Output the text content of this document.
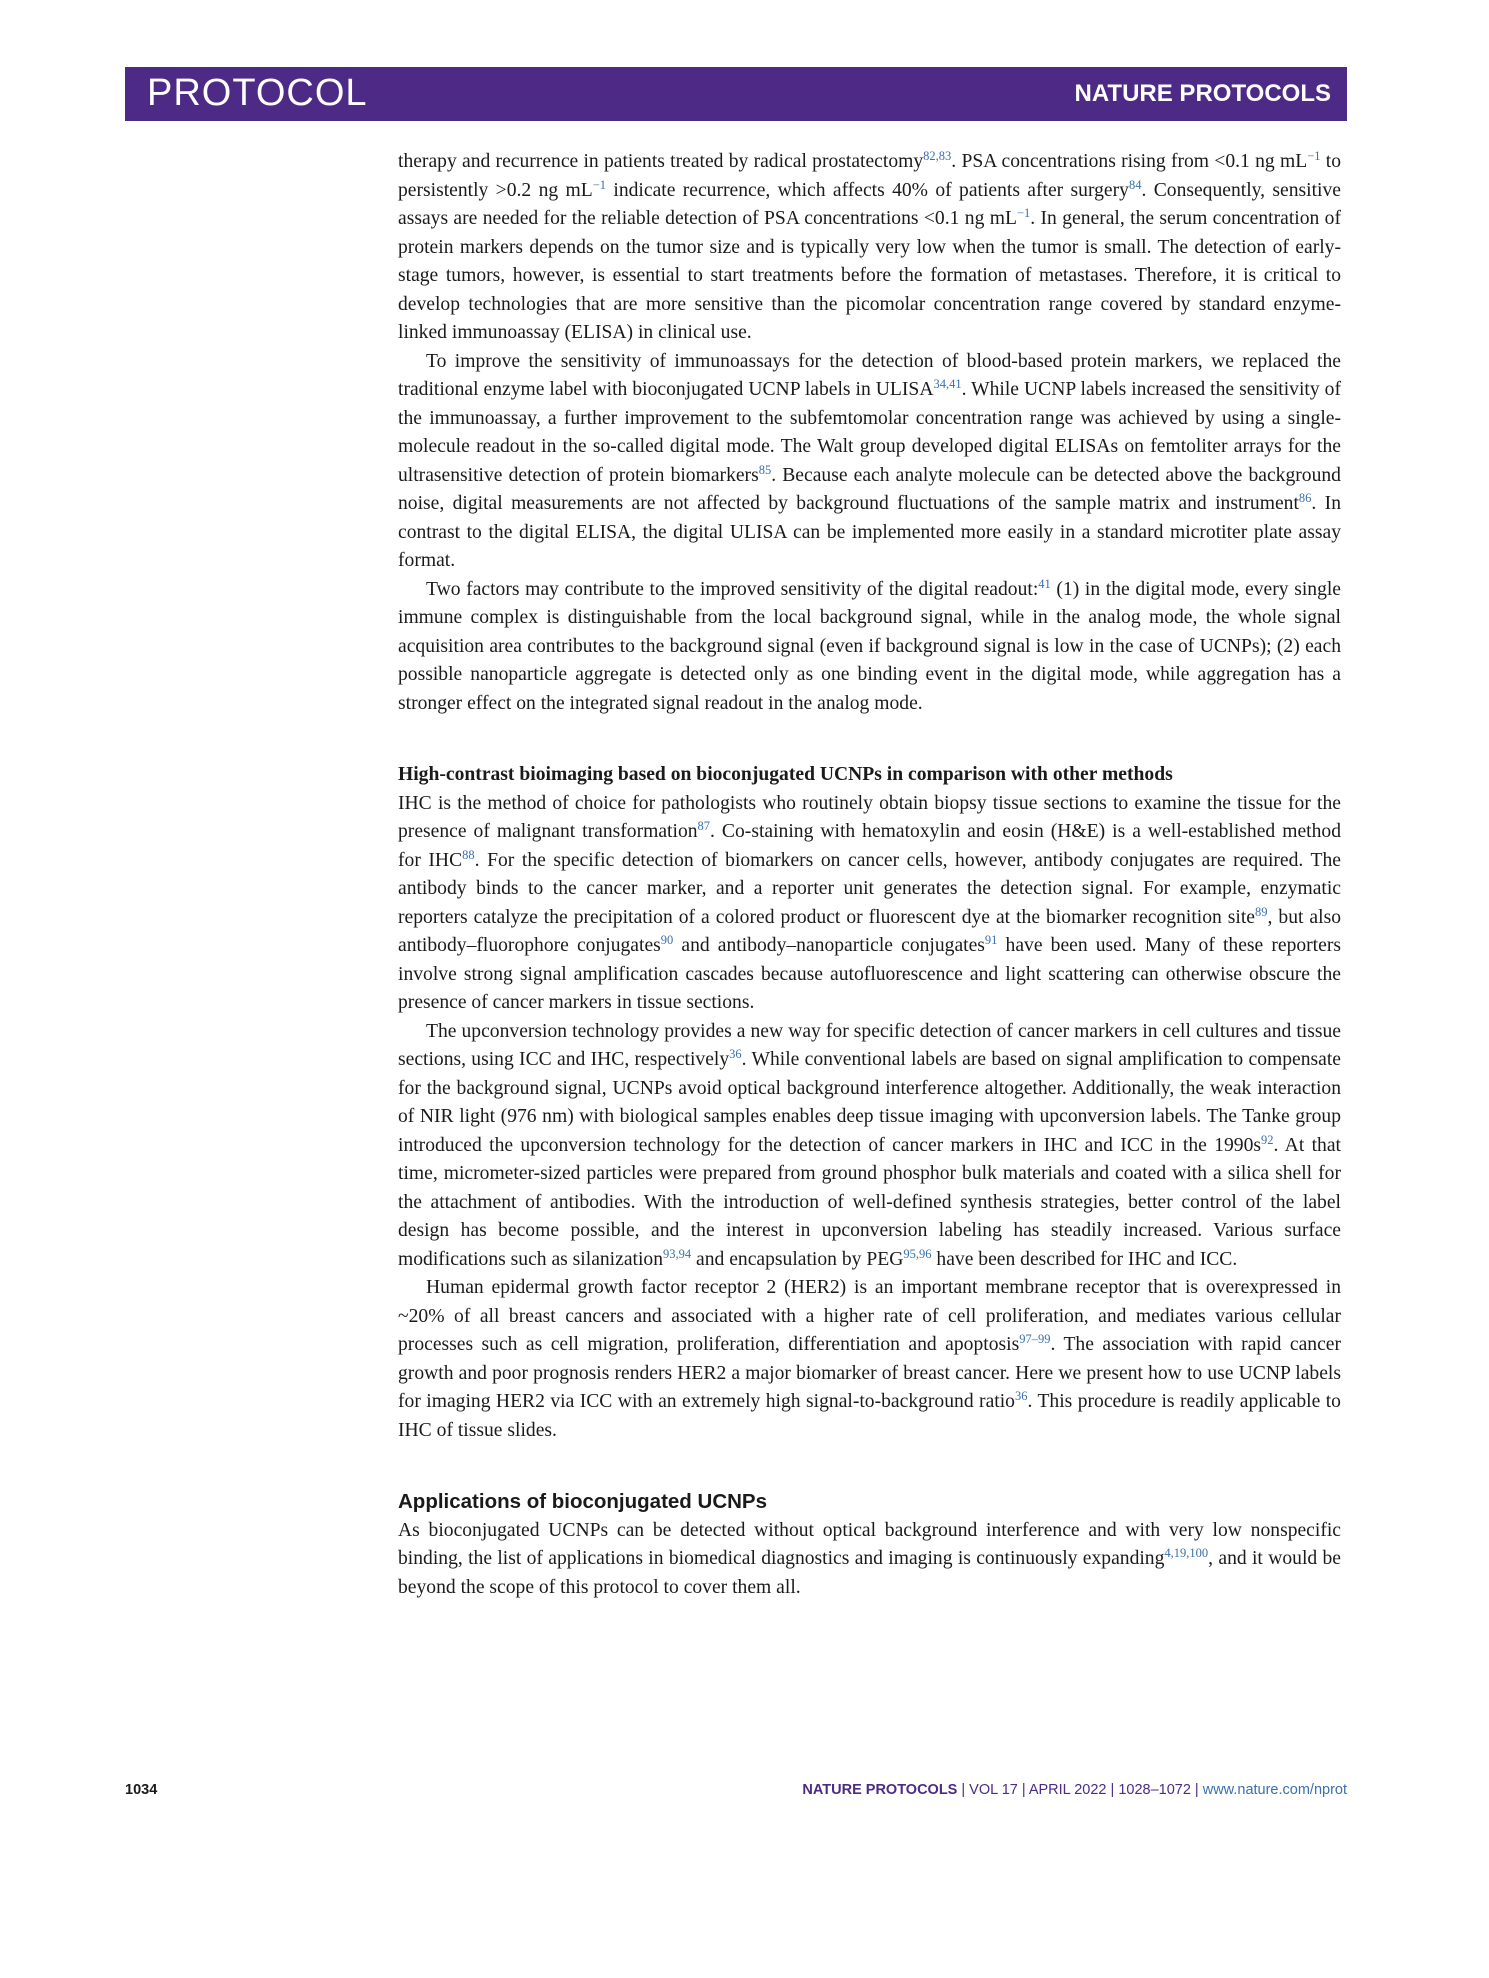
PROTOCOL	NATURE PROTOCOLS

therapy and recurrence in patients treated by radical prostatectomy$^{82,83}$. PSA concentrations rising from <0.1 ng $mL^{-1}$ to persistently >0.2 ng $mL^{-1}$ indicate recurrence, which affects 40% of patients after surgery$^{84}$. Consequently, sensitive assays are needed for the reliable detection of PSA concentrations <0.1 ng $mL^{-1}$. In general, the serum concentration of protein markers depends on the tumor size and is typically very low when the tumor is small. The detection of early-stage tumors, however, is essential to start treatments before the formation of metastases. Therefore, it is critical to develop technologies that are more sensitive than the picomolar concentration range covered by standard enzyme-linked immunoassay (ELISA) in clinical use.

To improve the sensitivity of immunoassays for the detection of blood-based protein markers, we replaced the traditional enzyme label with bioconjugated UCNP labels in ULISA$^{34,41}$. While UCNP labels increased the sensitivity of the immunoassay, a further improvement to the subfemtomolar concentration range was achieved by using a single-molecule readout in the so-called digital mode. The Walt group developed digital ELISAs on femtoliter arrays for the ultrasensitive detection of protein biomarkers$^{85}$. Because each analyte molecule can be detected above the background noise, digital measurements are not affected by background fluctuations of the sample matrix and instrument$^{86}$. In contrast to the digital ELISA, the digital ULISA can be implemented more easily in a standard microtiter plate assay format.

Two factors may contribute to the improved sensitivity of the digital readout:$^{41}$ (1) in the digital mode, every single immune complex is distinguishable from the local background signal, while in the analog mode, the whole signal acquisition area contributes to the background signal (even if background signal is low in the case of UCNPs); (2) each possible nanoparticle aggregate is detected only as one binding event in the digital mode, while aggregation has a stronger effect on the integrated signal readout in the analog mode.

High-contrast bioimaging based on bioconjugated UCNPs in comparison with other methods

IHC is the method of choice for pathologists who routinely obtain biopsy tissue sections to examine the tissue for the presence of malignant transformation$^{87}$. Co-staining with hematoxylin and eosin (H&E) is a well-established method for IHC$^{88}$. For the specific detection of biomarkers on cancer cells, however, antibody conjugates are required. The antibody binds to the cancer marker, and a reporter unit generates the detection signal. For example, enzymatic reporters catalyze the precipitation of a colored product or fluorescent dye at the biomarker recognition site$^{89}$, but also antibody–fluorophore conjugates$^{90}$ and antibody–nanoparticle conjugates$^{91}$ have been used. Many of these reporters involve strong signal amplification cascades because autofluorescence and light scattering can otherwise obscure the presence of cancer markers in tissue sections.

The upconversion technology provides a new way for specific detection of cancer markers in cell cultures and tissue sections, using ICC and IHC, respectively$^{36}$. While conventional labels are based on signal amplification to compensate for the background signal, UCNPs avoid optical background interference altogether. Additionally, the weak interaction of NIR light (976 nm) with biological samples enables deep tissue imaging with upconversion labels. The Tanke group introduced the upconversion technology for the detection of cancer markers in IHC and ICC in the $1990s^{92}$. At that time, micrometer-sized particles were prepared from ground phosphor bulk materials and coated with a silica shell for the attachment of antibodies. With the introduction of well-defined synthesis strategies, better control of the label design has become possible, and the interest in upconversion labeling has steadily increased. Various surface modifications such as silanization$^{93,94}$ and encapsulation by PEG$^{95,96}$ have been described for IHC and ICC.

Human epidermal growth factor receptor 2 (HER2) is an important membrane receptor that is overexpressed in ~20% of all breast cancers and associated with a higher rate of cell proliferation, and mediates various cellular processes such as cell migration, proliferation, differentiation and apoptosis$^{97-99}$. The association with rapid cancer growth and poor prognosis renders HER2 a major biomarker of breast cancer. Here we present how to use UCNP labels for imaging HER2 via ICC with an extremely high signal-to-background ratio$^{36}$. This procedure is readily applicable to IHC of tissue slides.

Applications of bioconjugated UCNPs

As bioconjugated UCNPs can be detected without optical background interference and with very low nonspecific binding, the list of applications in biomedical diagnostics and imaging is continuously expanding$^{4,19,100}$, and it would be beyond the scope of this protocol to cover them all.

1034	NATURE PROTOCOLS | VOL 17 | APRIL 2022 | 1028–1072 | www.nature.com/nprot
